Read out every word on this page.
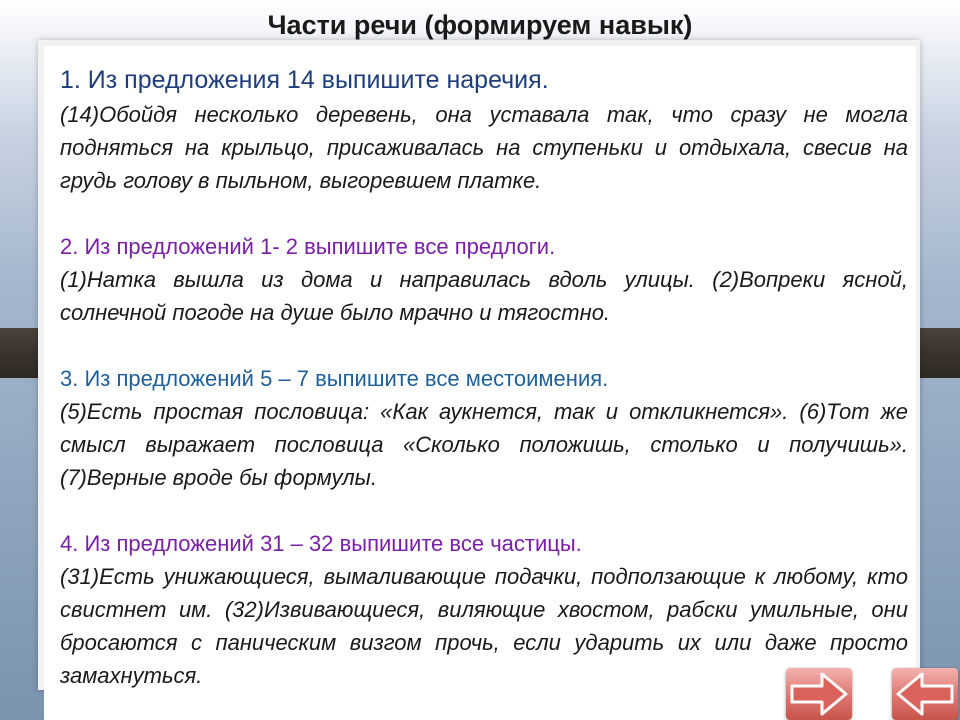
Части речи (формируем навык)

1. Из предложения 14 выпишите наречия.

(14)Обойдя несколько деревень, она уставала так, что сразу не могла подняться на крыльцо, присаживалась на ступеньки и отдыхала, свесив на грудь голову в пыльном, выгоревшем платке.

2. Из предложений 1- 2 выпишите все предлоги.

(1)Натка вышла из дома и направилась вдоль улицы. (2)Вопреки ясной, солнечной погоде на душе было мрачно и тягостно.

3. Из предложений 5 – 7 выпишите все местоимения.

(5)Есть простая пословица: «Как аукнется, так и откликнется». (6)Тот же смысл выражает пословица «Сколько положишь, столько и получишь». (7)Верные вроде бы формулы.

4. Из предложений 31 – 32 выпишите все частицы.

(31)Есть унижающиеся, вымаливающие подачки, подползающие к любому, кто свистнет им. (32)Извивающиеся, виляющие хвостом, рабски умильные, они бросаются с паническим визгом прочь, если ударить их или даже просто замахнуться.
